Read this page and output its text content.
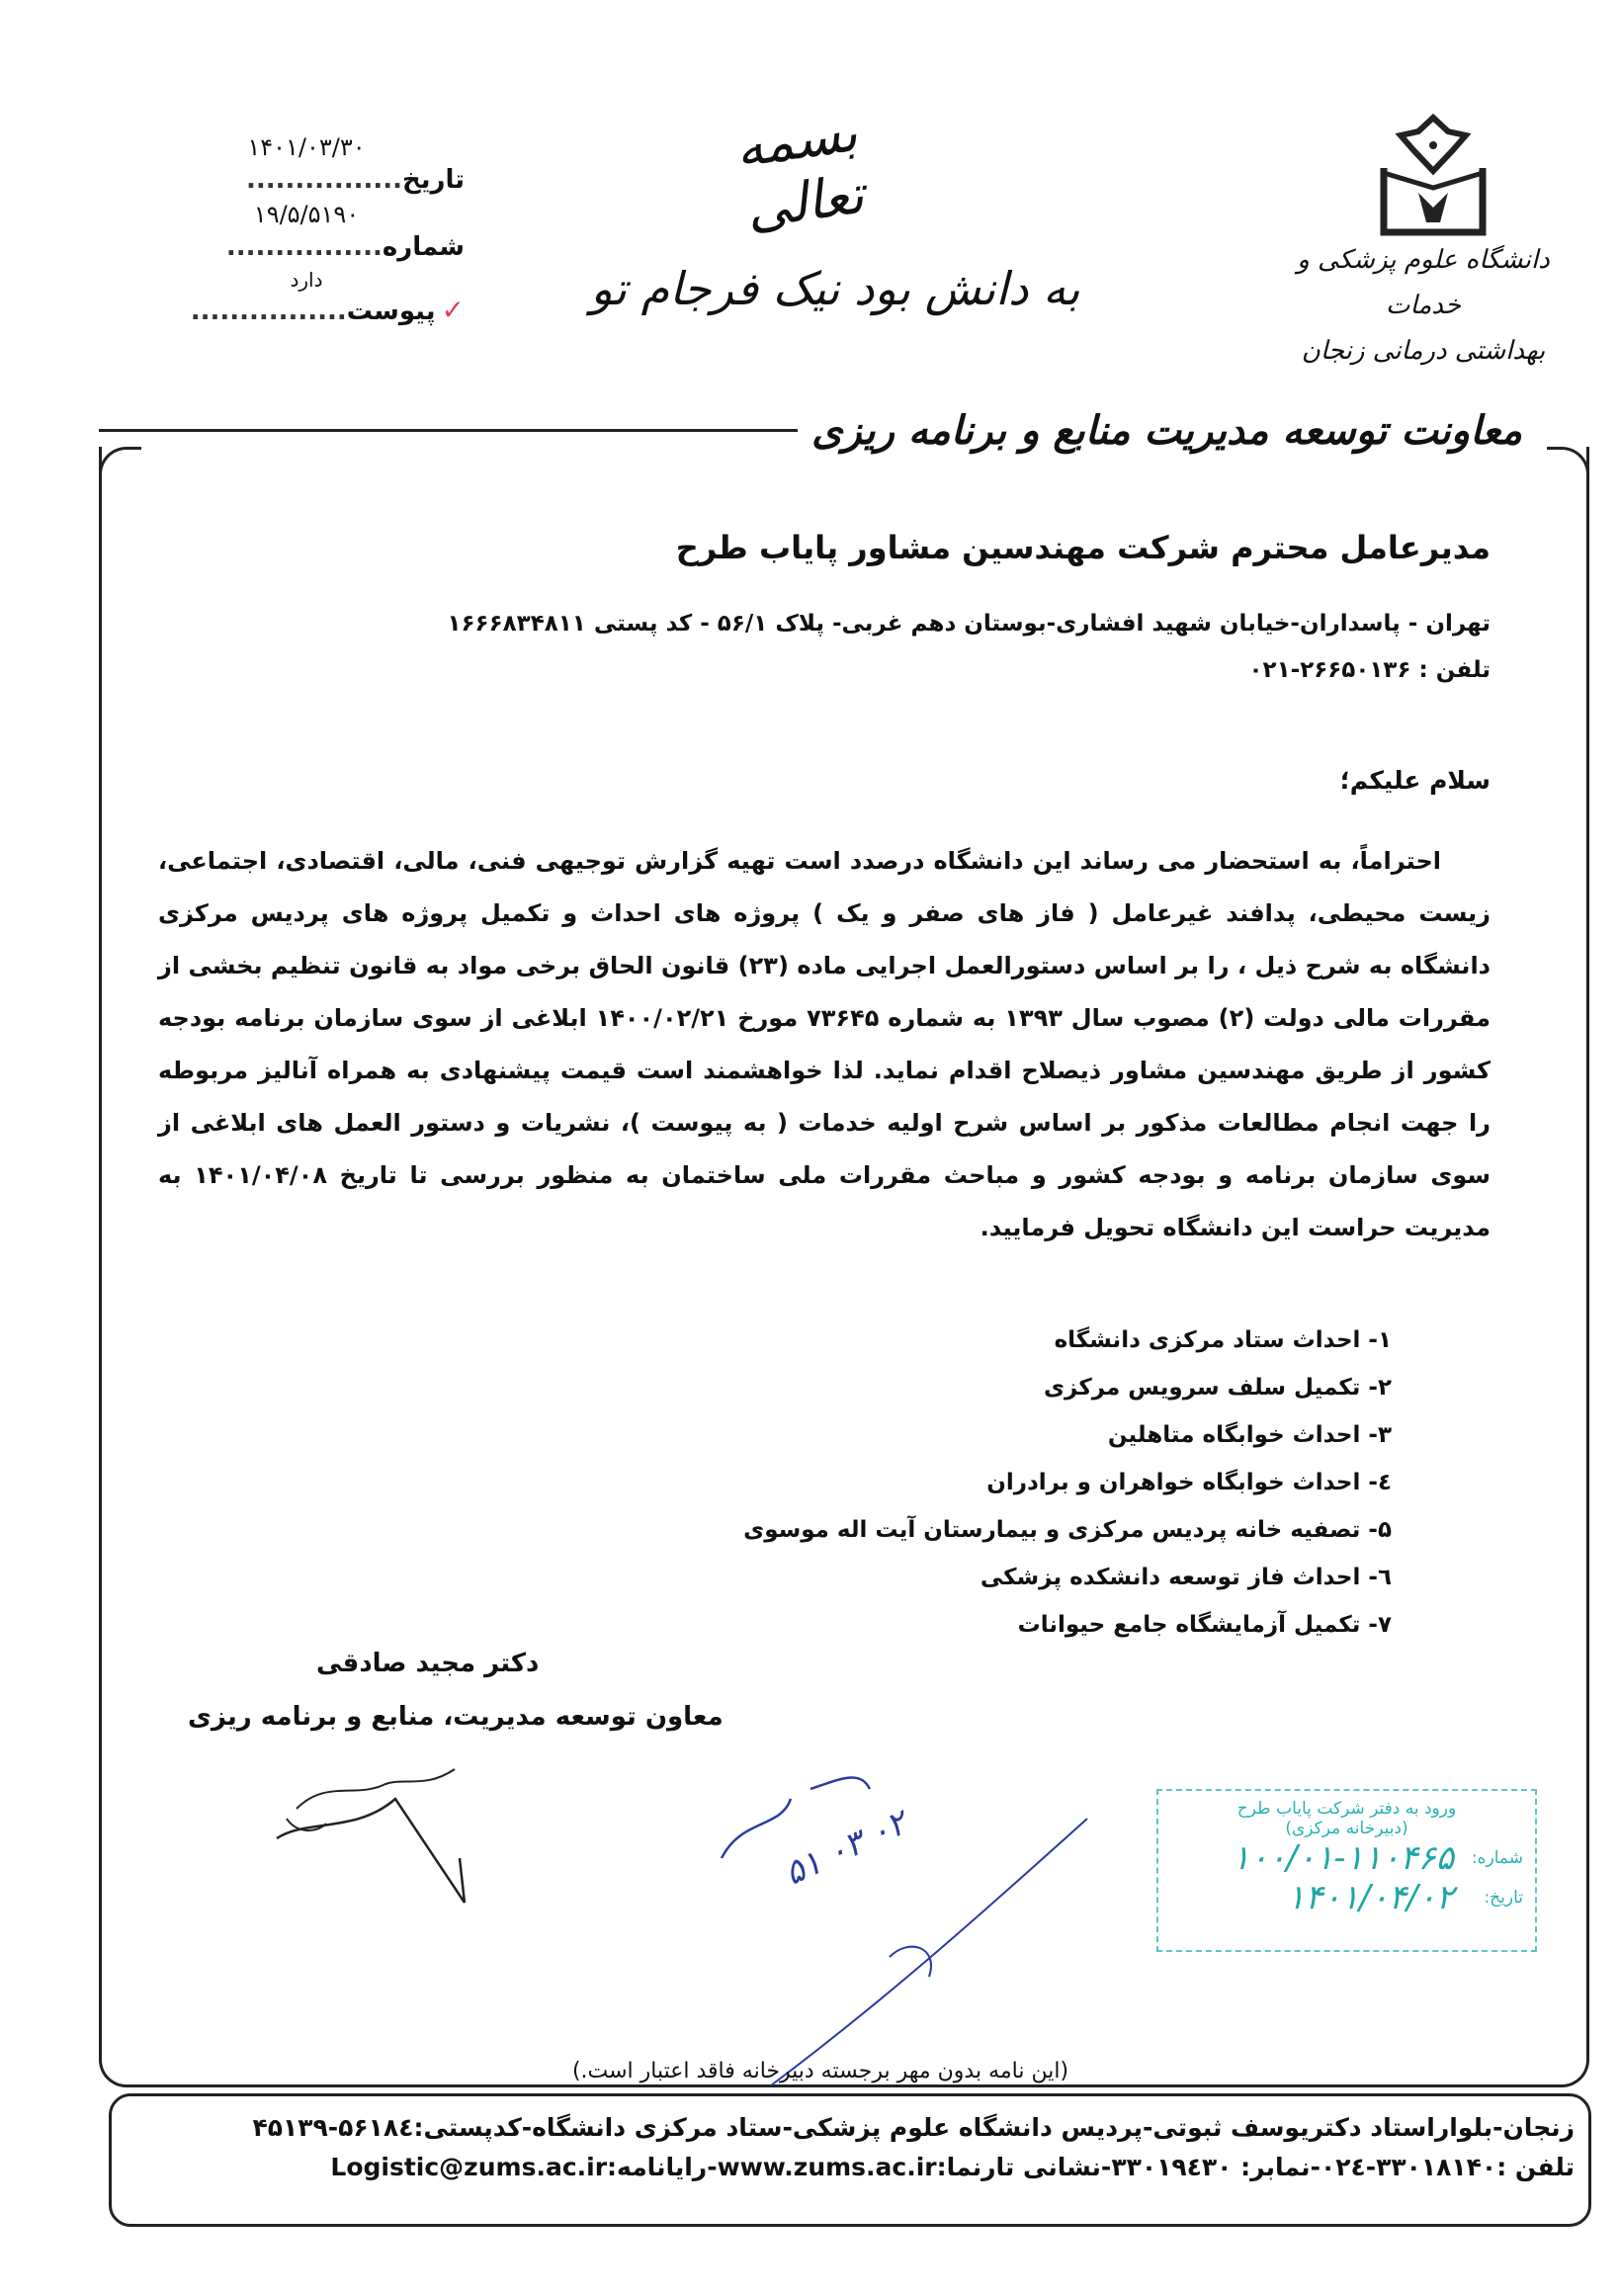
۱۴۰۱/۰۳/۳۰
تاریخ................
۱۹/۵/۵۱۹۰
شماره................
دارد
✓پیوست................
بسمه تعالی
به دانش بود نیک فرجام تو
دانشگاه علوم پزشکی و خدمات
بهداشتی درمانی زنجان
معاونت توسعه مدیریت منابع و برنامه ریزی
مدیرعامل محترم شرکت مهندسین مشاور پایاب طرح
تهران - پاسداران-خیابان شهید افشاری-بوستان دهم غربی- پلاک ۵۶/۱ - کد پستی ۱۶۶۶۸۳۴۸۱۱
تلفن : ۲۶۶۵۰۱۳۶-۰۲۱
سلام علیکم؛
احتراماً، به استحضار می رساند این دانشگاه درصدد است تهیه گزارش توجیهی فنی، مالی، اقتصادی، اجتماعی، زیست محیطی، پدافند غیرعامل ( فاز های صفر و یک ) پروژه های احداث و تکمیل پروژه های پردیس مرکزی دانشگاه به شرح ذیل ، را بر اساس دستورالعمل اجرایی ماده (۲۳) قانون الحاق برخی مواد به قانون تنظیم بخشی از مقررات مالی دولت (۲) مصوب سال ۱۳۹۳ به شماره ۷۳۶۴۵ مورخ ۱۴۰۰/۰۲/۲۱ ابلاغی از سوی سازمان برنامه بودجه کشور از طریق مهندسین مشاور ذیصلاح اقدام نماید. لذا خواهشمند است قیمت پیشنهادی به همراه آنالیز مربوطه را جهت انجام مطالعات مذکور بر اساس شرح اولیه خدمات ( به پیوست )، نشریات و دستور العمل های ابلاغی از سوی سازمان برنامه و بودجه کشور و مباحث مقررات ملی ساختمان به منظور بررسی تا تاریخ ۱۴۰۱/۰۴/۰۸ به مدیریت حراست این دانشگاه تحویل فرمایید.
۱- احداث ستاد مرکزی دانشگاه
۲- تکمیل سلف سرویس مرکزی
۳- احداث خوابگاه متاهلین
٤- احداث خوابگاه خواهران و برادران
۵- تصفیه خانه پردیس مرکزی و بیمارستان آیت اله موسوی
٦- احداث فاز توسعه دانشکده پزشکی
۷- تکمیل آزمایشگاه جامع حیوانات
دکتر مجید صادقی
معاون توسعه مدیریت، منابع و برنامه ریزی
۵۱ ۰۳ ۰۲	ورود به دفتر شرکت پایاب طرح
(دبیرخانه مرکزی)
شماره:
۱۰۰/۰۱-۱۱۰۴۶۵
تاریخ:
۱۴۰۱/۰۴/۰۲
(این نامه بدون مهر برجسته دبیرخانه فاقد اعتبار است.)
زنجان-بلواراستاد دکتریوسف ثبوتی-پردیس دانشگاه علوم پزشکی-ستاد مرکزی دانشگاه-کدپستی:۵۶۱۸٤-۴۵۱۳۹
تلفن :۳۳۰۱۸۱۴۰-۰۲٤-نمابر: ۳۳۰۱۹٤۳۰-نشانی تارنما:www.zums.ac.ir-رایانامه:Logistic@zums.ac.ir
